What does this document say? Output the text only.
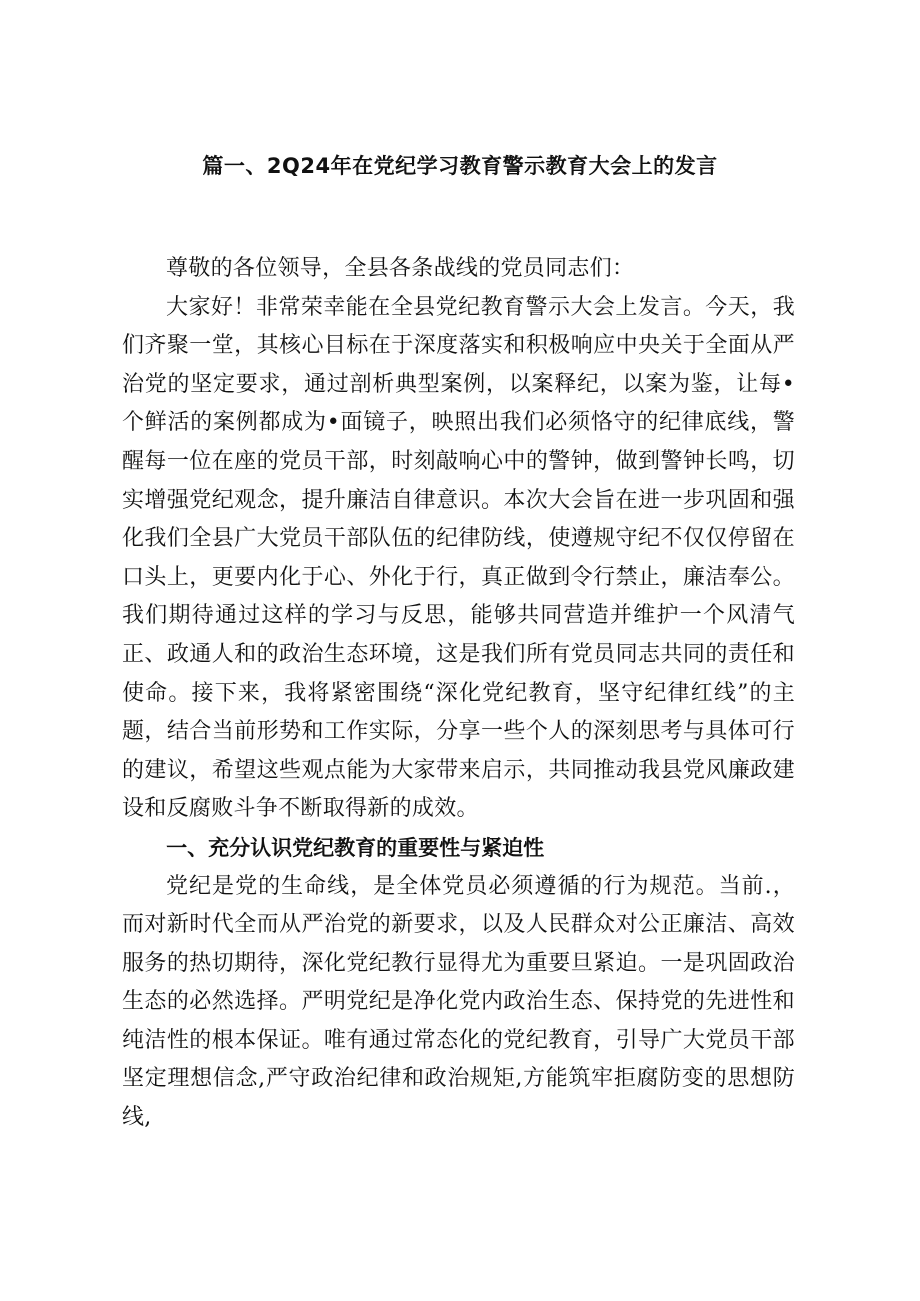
篇一、2Q24年在党纪学习教育警示教育大会上的发言

尊敬的各位领导，全县各条战线的党员同志们：

大家好！非常荣幸能在全县党纪教育警示大会上发言。今天，我们齐聚一堂，其核心目标在于深度落实和积极响应中央关于全面从严治党的坚定要求，通过剖析典型案例，以案释纪，以案为鉴，让每•个鲜活的案例都成为•面镜子，映照出我们必须恪守的纪律底线，警醒每一位在座的党员干部，时刻敲响心中的警钟，做到警钟长鸣，切实增强党纪观念，提升廉洁自律意识。本次大会旨在进一步巩固和强化我们全县广大党员干部队伍的纪律防线，使遵规守纪不仅仅停留在口头上，更要内化于心、外化于行，真正做到令行禁止，廉洁奉公。我们期待通过这样的学习与反思，能够共同营造并维护一个风清气正、政通人和的政治生态环境，这是我们所有党员同志共同的责任和使命。接下来，我将紧密围绕“深化党纪教育，坚守纪律红线”的主题，结合当前形势和工作实际，分享一些个人的深刻思考与具体可行的建议，希望这些观点能为大家带来启示，共同推动我县党风廉政建设和反腐败斗争不断取得新的成效。

一、充分认识党纪教育的重要性与紧迫性

党纪是党的生命线，是全体党员必须遵循的行为规范。当前.，而对新时代全而从严治党的新要求，以及人民群众对公正廉洁、高效服务的热切期待，深化党纪教行显得尤为重要旦紧迫。一是巩固政治生态的必然选择。严明党纪是净化党内政治生态、保持党的先进性和纯洁性的根本保证。唯有通过常态化的党纪教育，引导广大党员干部坚定理想信念,严守政治纪律和政治规矩,方能筑牢拒腐防变的思想防线,
